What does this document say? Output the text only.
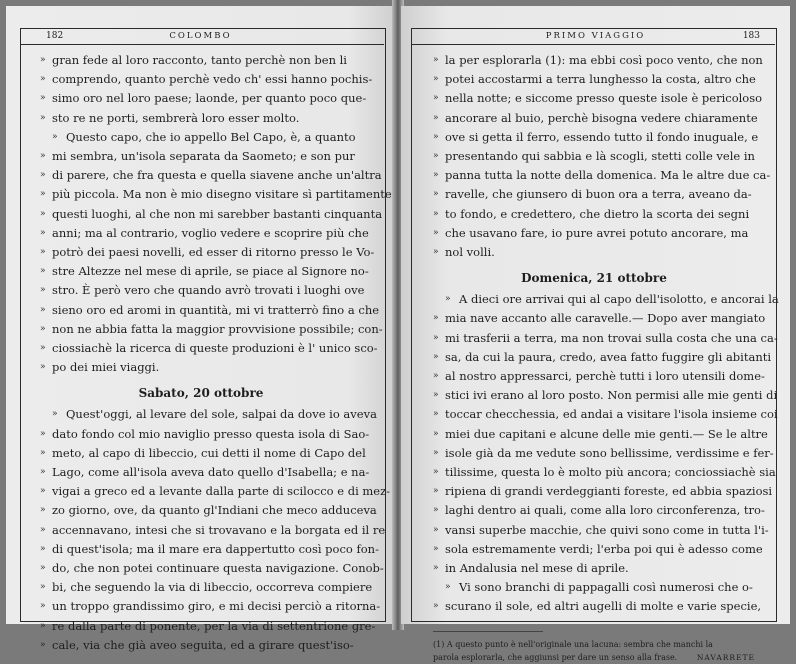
182	COLOMBO
» gran fede al loro racconto, tanto perchè non ben li
» comprendo, quanto perchè vedo ch' essi hanno pochis-
» simo oro nel loro paese; laonde, per quanto poco que-
» sto re ne porti, sembrerà loro esser molto.
» Questo capo, che io appello Bel Capo, è, a quanto
» mi sembra, un'isola separata da Saometo; e son pur
» di parere, che fra questa e quella siavene anche un'altra
» più piccola. Ma non è mio disegno visitare sì partitamente
» questi luoghi, al che non mi sarebber bastanti cinquanta
» anni; ma al contrario, voglio vedere e scoprire più che
» potrò dei paesi novelli, ed esser di ritorno presso le Vo-
» stre Altezze nel mese di aprile, se piace al Signore no-
» stro. È però vero che quando avrò trovati i luoghi ove
» sieno oro ed aromi in quantità, mi vi tratterrò fino a che
» non ne abbia fatta la maggior provvisione possibile; con-
» ciossiachè la ricerca di queste produzioni è l' unico sco-
» po dei miei viaggi.
Sabato, 20 ottobre
» Quest'oggi, al levare del sole, salpai da dove io aveva
» dato fondo col mio naviglio presso questa isola di Sao-
» meto, al capo di libeccio, cui detti il nome di Capo del
» Lago, come all'isola aveva dato quello d'Isabella; e na-
» vigai a greco ed a levante dalla parte di scilocco e di mez-
» zo giorno, ove, da quanto gl'Indiani che meco adduceva
» accennavano, intesi che si trovavano e la borgata ed il re
» di quest'isola; ma il mare era dappertutto così poco fon-
» do, che non potei continuare questa navigazione. Conob-
» bi, che seguendo la via di libeccio, occorreva compiere
» un troppo grandissimo giro, e mi decisi perciò a ritorna-
» re dalla parte di ponente, per la via di settentrione gre-
» cale, via che già aveo seguita, ed a girare quest'iso-
PRIMO VIAGGIO	183
» la per esplorarla (1): ma ebbi così poco vento, che non
» potei accostarmi a terra lunghesso la costa, altro che
» nella notte; e siccome presso queste isole è pericoloso
» ancorare al buio, perchè bisogna vedere chiaramente
» ove si getta il ferro, essendo tutto il fondo inuguale, e
» presentando qui sabbia e là scogli, stetti colle vele in
» panna tutta la notte della domenica. Ma le altre due ca-
» ravelle, che giunsero di buon ora a terra, aveano da-
» to fondo, e credettero, che dietro la scorta dei segni
» che usavano fare, io pure avrei potuto ancorare, ma
» nol volli.
Domenica, 21 ottobre
» A dieci ore arrivai qui al capo dell'isolotto, e ancorai la
» mia nave accanto alle caravelle.— Dopo aver mangiato
» mi trasferii a terra, ma non trovai sulla costa che una ca-
» sa, da cui la paura, credo, avea fatto fuggire gli abitanti
» al nostro appressarci, perchè tutti i loro utensili dome-
» stici ivi erano al loro posto. Non permisi alle mie genti di
» toccar checchessia, ed andai a visitare l'isola insieme coi
» miei due capitani e alcune delle mie genti.— Se le altre
» isole già da me vedute sono bellissime, verdissime e fer-
» tilissime, questa lo è molto più ancora; conciossiachè sia
» ripiena di grandi verdeggianti foreste, ed abbia spaziosi
» laghi dentro ai quali, come alla loro circonferenza, tro-
» vansi superbe macchie, che quivi sono come in tutta l'i-
» sola estremamente verdi; l'erba poi qui è adesso come
» in Andalusia nel mese di aprile.
» Vi sono branchi di pappagalli così numerosi che o-
» scurano il sole, ed altri augelli di molte e varie specie,
(1) A questo punto è nell'originale una lacuna: sembra che manchi la
parola esplorarla, che aggiunsi per dare un senso alla frase.	NAVARRETE
